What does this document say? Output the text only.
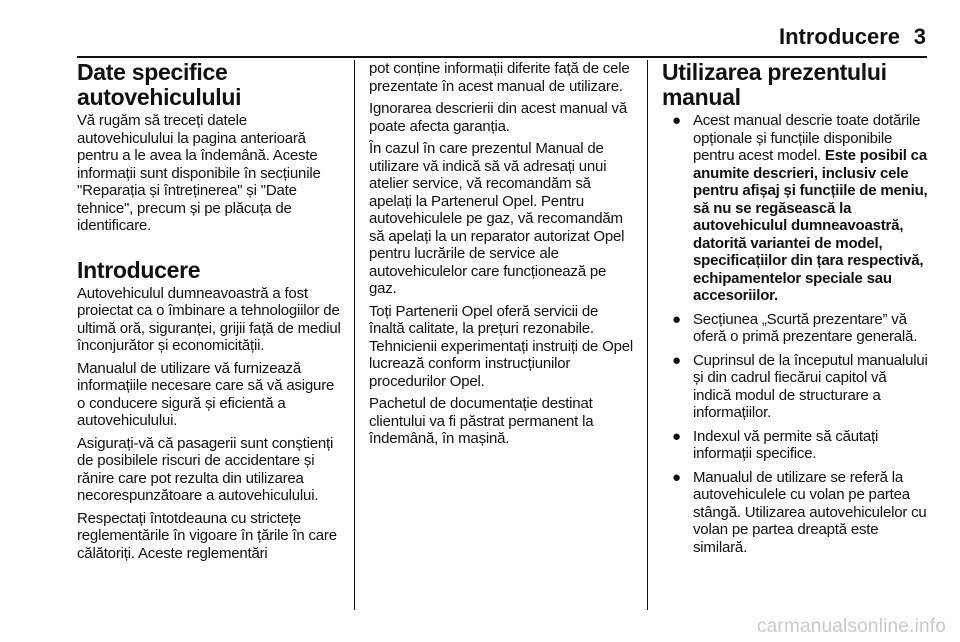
Introducere 3
Date specifice autovehiculului

Vă rugăm să treceți datele autovehiculului la pagina anterioară pentru a le avea la îndemână. Aceste informații sunt disponibile în secțiunile "Reparația și întreținerea" și "Date tehnice", precum și pe plăcuța de identificare.

Introducere

Autovehiculul dumneavoastră a fost proiectat ca o îmbinare a tehnologiilor de ultimă oră, siguranței, grijii față de mediul înconjurător și economicității.

Manualul de utilizare vă furnizează informațiile necesare care să vă asigure o conducere sigură și eficientă a autovehiculului.

Asigurați-vă că pasagerii sunt conștienți de posibilele riscuri de accidentare și rănire care pot rezulta din utilizarea necorespunzătoare a autovehiculului.

Respectați întotdeauna cu strictețe reglementările în vigoare în țările în care călătoriți. Aceste reglementări

pot conține informații diferite față de cele prezentate în acest manual de utilizare.

Ignorarea descrierii din acest manual vă poate afecta garanția.

În cazul în care prezentul Manual de utilizare vă indică să vă adresați unui atelier service, vă recomandăm să apelați la Partenerul Opel. Pentru autovehiculele pe gaz, vă recomandăm să apelați la un reparator autorizat Opel pentru lucrările de service ale autovehiculelor care funcționează pe gaz.

Toți Partenerii Opel oferă servicii de înaltă calitate, la prețuri rezonabile. Tehnicienii experimentați instruiți de Opel lucrează conform instrucțiunilor procedurilor Opel.

Pachetul de documentație destinat clientului va fi păstrat permanent la îndemână, în mașină.

Utilizarea prezentului manual
● Acest manual descrie toate dotările opționale și funcțiile disponibile pentru acest model. Este posibil ca anumite descrieri, inclusiv cele pentru afișaj și funcțiile de meniu, să nu se regăsească la autovehiculul dumneavoastră, datorită variantei de model, specificațiilor din țara respectivă, echipamentelor speciale sau accesoriilor.
● Secțiunea „Scurtă prezentare” vă oferă o primă prezentare generală.
● Cuprinsul de la începutul manualului și din cadrul fiecărui capitol vă indică modul de structurare a informațiilor.
● Indexul vă permite să căutați informații specifice.
● Manualul de utilizare se referă la autovehiculele cu volan pe partea stângă. Utilizarea autovehiculelor cu volan pe partea dreaptă este similară.
carmanualsonline.info
